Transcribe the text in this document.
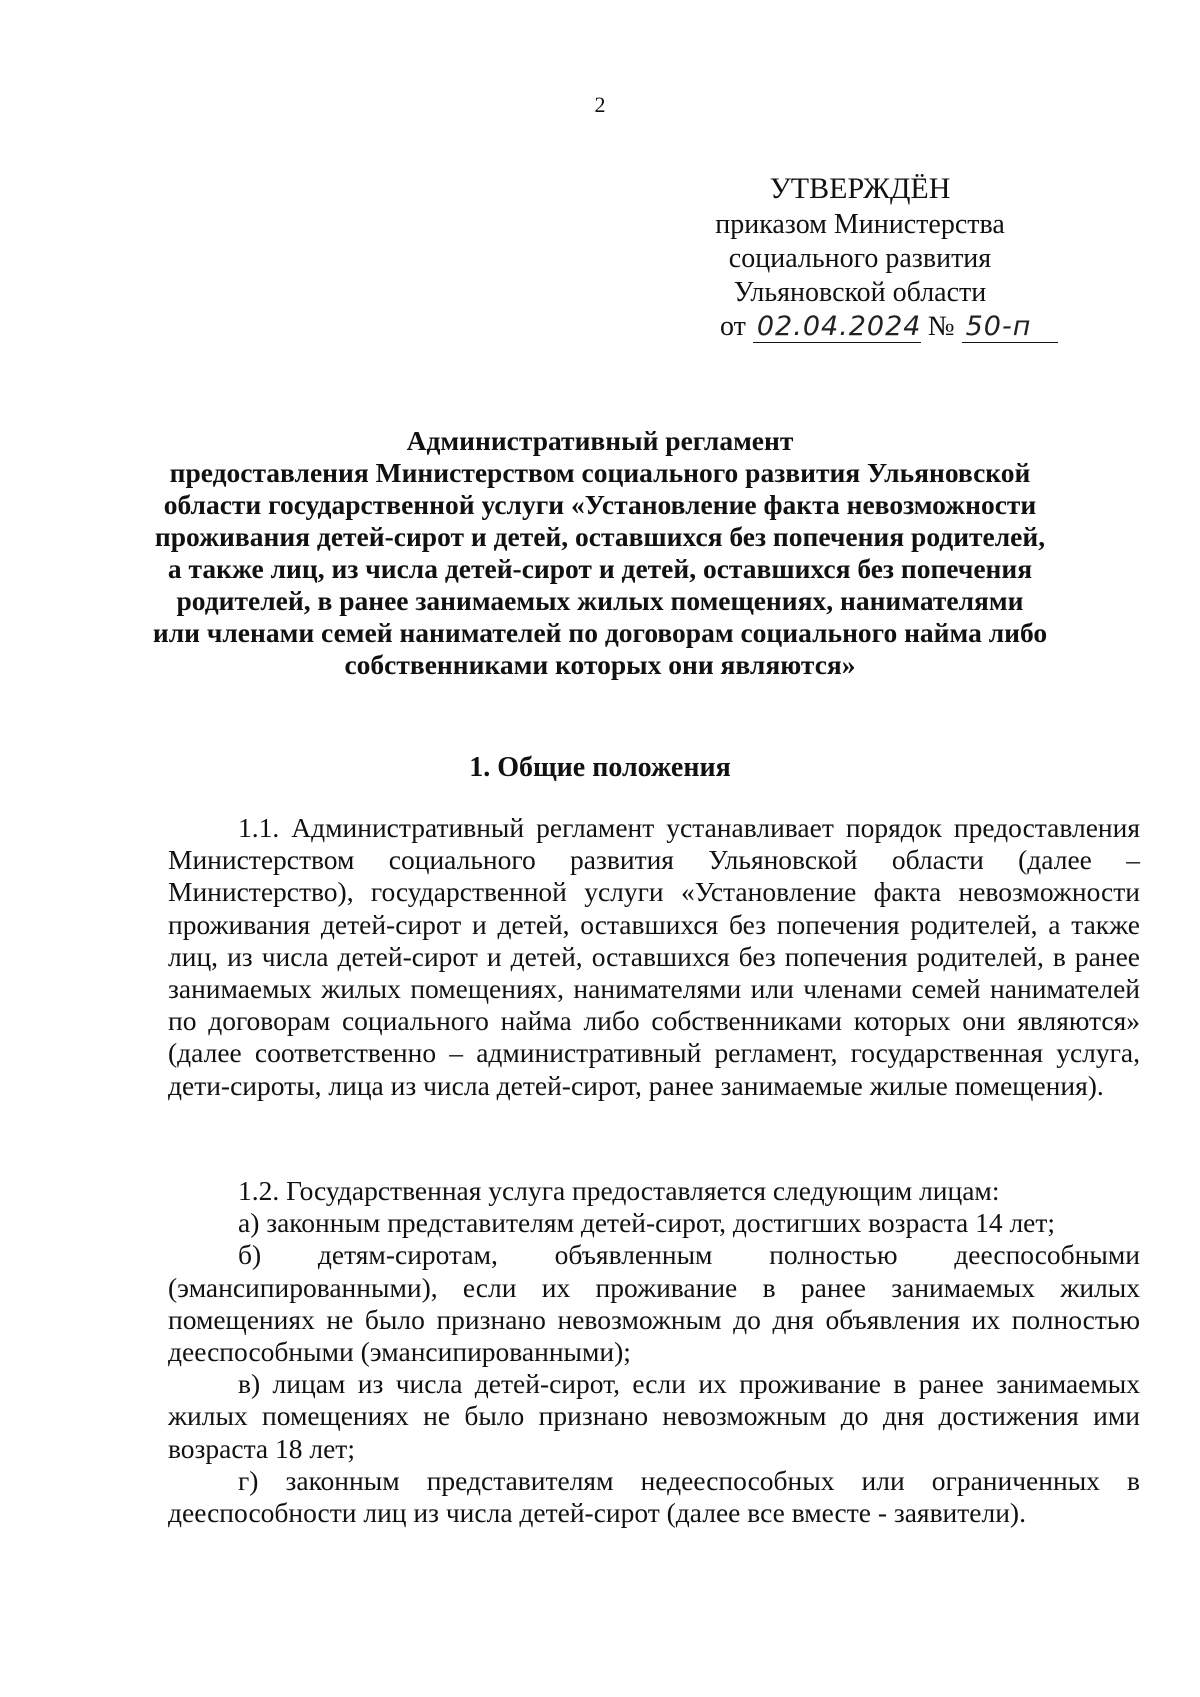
2
УТВЕРЖДЁН
приказом Министерства
социального развития
Ульяновской области
от 02.04.2024 № 50-п
Административный регламент
предоставления Министерством социального развития Ульяновской
области государственной услуги «Установление факта невозможности
проживания детей-сирот и детей, оставшихся без попечения родителей,
а также лиц, из числа детей-сирот и детей, оставшихся без попечения
родителей, в ранее занимаемых жилых помещениях, нанимателями
или членами семей нанимателей по договорам социального найма либо
собственниками которых они являются»
1. Общие положения

1.1. Административный регламент устанавливает порядок предоставления Министерством социального развития Ульяновской области (далее – Министерство), государственной услуги «Установление факта невозможности проживания детей-сирот и детей, оставшихся без попечения родителей, а также лиц, из числа детей-сирот и детей, оставшихся без попечения родителей, в ранее занимаемых жилых помещениях, нанимателями или членами семей нанимателей по договорам социального найма либо собственниками которых они являются» (далее соответственно – административный регламент, государственная услуга, дети-сироты, лица из числа детей-сирот, ранее занимаемые жилые помещения).

1.2. Государственная услуга предоставляется следующим лицам:

а) законным представителям детей-сирот, достигших возраста 14 лет;

б) детям-сиротам, объявленным полностью дееспособными (эмансипированными), если их проживание в ранее занимаемых жилых помещениях не было признано невозможным до дня объявления их полностью дееспособными (эмансипированными);

в) лицам из числа детей-сирот, если их проживание в ранее занимаемых жилых помещениях не было признано невозможным до дня достижения ими возраста 18 лет;

г) законным представителям недееспособных или ограниченных в дееспособности лиц из числа детей-сирот (далее все вместе - заявители).
